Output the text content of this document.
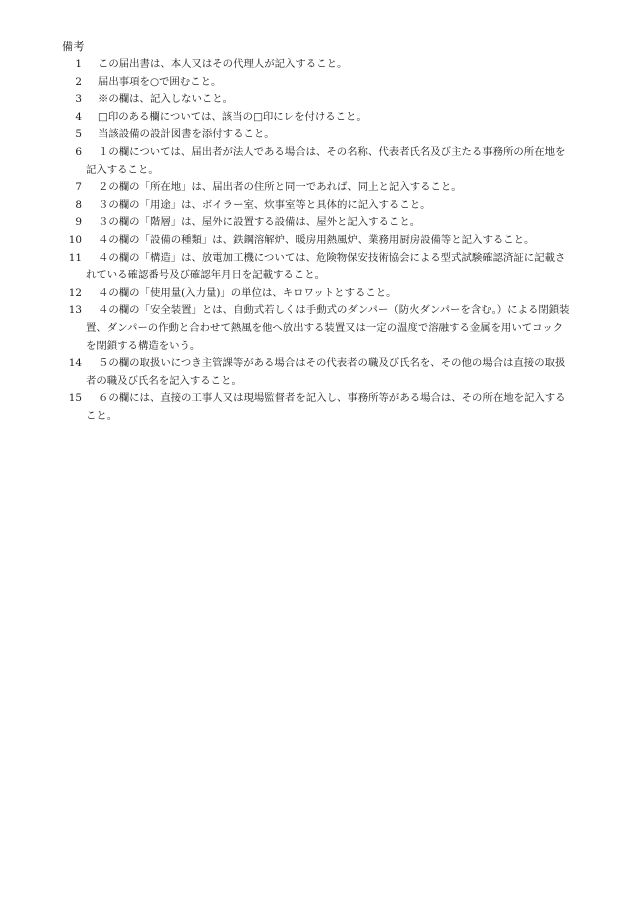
備考
1	この届出書は、本人又はその代理人が記入すること。
2	届出事項を○で囲むこと。
3	※の欄は、記入しないこと。
4	□印のある欄については、該当の□印にレを付けること。
5	当該設備の設計図書を添付すること。
6	１の欄については、届出者が法人である場合は、その名称、代表者氏名及び主たる事務所の所在地を記入すること。
7	２の欄の「所在地」は、届出者の住所と同一であれば、同上と記入すること。
8	３の欄の「用途」は、ボイラー室、炊事室等と具体的に記入すること。
9	３の欄の「階層」は、屋外に設置する設備は、屋外と記入すること。
10	４の欄の「設備の種類」は、鉄鋼溶解炉、暖房用熱風炉、業務用厨房設備等と記入すること。
11	４の欄の「構造」は、放電加工機については、危険物保安技術協会による型式試験確認済証に記載されている確認番号及び確認年月日を記載すること。
12	４の欄の「使用量(入力量)」の単位は、キロワットとすること。
13	４の欄の「安全装置」とは、自動式若しくは手動式のダンパー（防火ダンパーを含む。）による閉鎖装置、ダンパーの作動と合わせて熱風を他へ放出する装置又は一定の温度で溶融する金属を用いてコックを閉鎖する構造をいう。
14	５の欄の取扱いにつき主管課等がある場合はその代表者の職及び氏名を、その他の場合は直接の取扱者の職及び氏名を記入すること。
15	６の欄には、直接の工事人又は現場監督者を記入し、事務所等がある場合は、その所在地を記入すること。
